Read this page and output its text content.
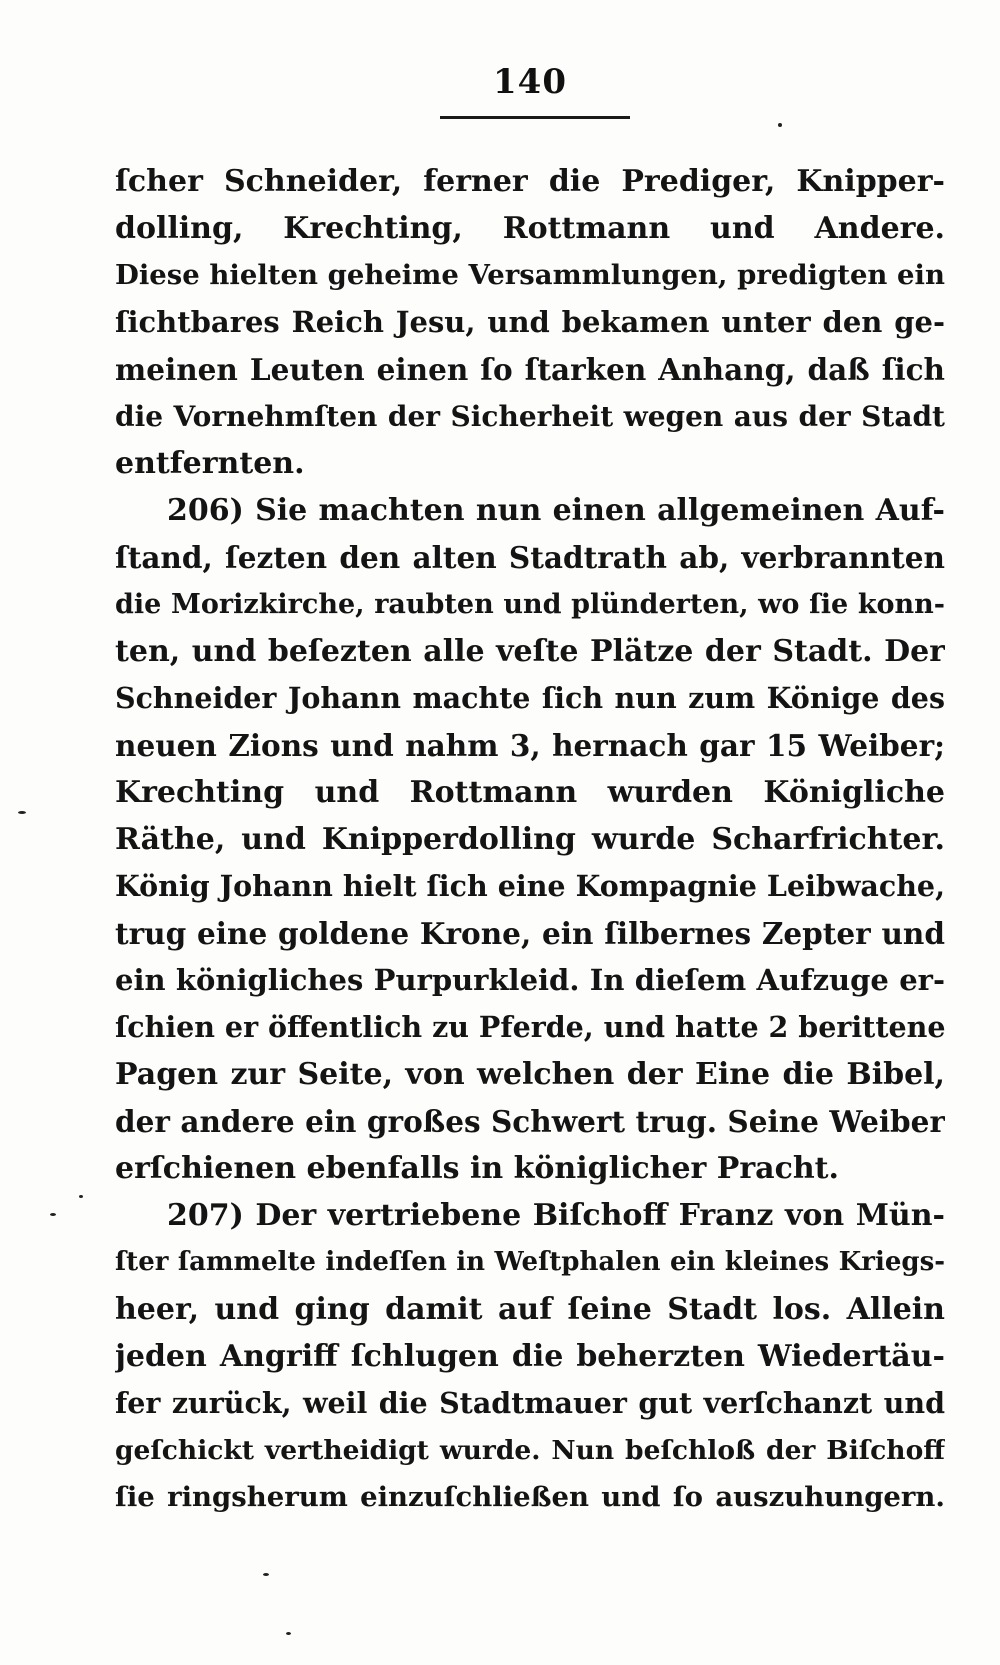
140
ſcher Schneider, ferner die Prediger, Knipper-
dolling, Krechting, Rottmann und Andere.
Diese hielten geheime Versammlungen, predigten ein
ſichtbares Reich Jesu, und bekamen unter den ge-
meinen Leuten einen ſo ſtarken Anhang, daß ſich
die Vornehmſten der Sicherheit wegen aus der Stadt
entfernten.
206) Sie machten nun einen allgemeinen Auf-
ſtand, ſezten den alten Stadtrath ab, verbrannten
die Morizkirche, raubten und plünderten, wo ſie konn-
ten, und beſezten alle veſte Plätze der Stadt. Der
Schneider Johann machte ſich nun zum Könige des
neuen Zions und nahm 3, hernach gar 15 Weiber;
Krechting und Rottmann wurden Königliche
Räthe, und Knipperdolling wurde Scharfrichter.
König Johann hielt ſich eine Kompagnie Leibwache,
trug eine goldene Krone, ein ſilbernes Zepter und
ein königliches Purpurkleid. In dieſem Aufzuge er-
ſchien er öffentlich zu Pferde, und hatte 2 berittene
Pagen zur Seite, von welchen der Eine die Bibel,
der andere ein großes Schwert trug. Seine Weiber
erſchienen ebenfalls in königlicher Pracht.
207) Der vertriebene Biſchoff Franz von Mün-
ſter ſammelte indeſſen in Weſtphalen ein kleines Kriegs-
heer, und ging damit auf ſeine Stadt los. Allein
jeden Angriff ſchlugen die beherzten Wiedertäu-
fer zurück, weil die Stadtmauer gut verſchanzt und
geſchickt vertheidigt wurde. Nun beſchloß der Biſchoff
ſie ringsherum einzuſchließen und ſo auszuhungern.
